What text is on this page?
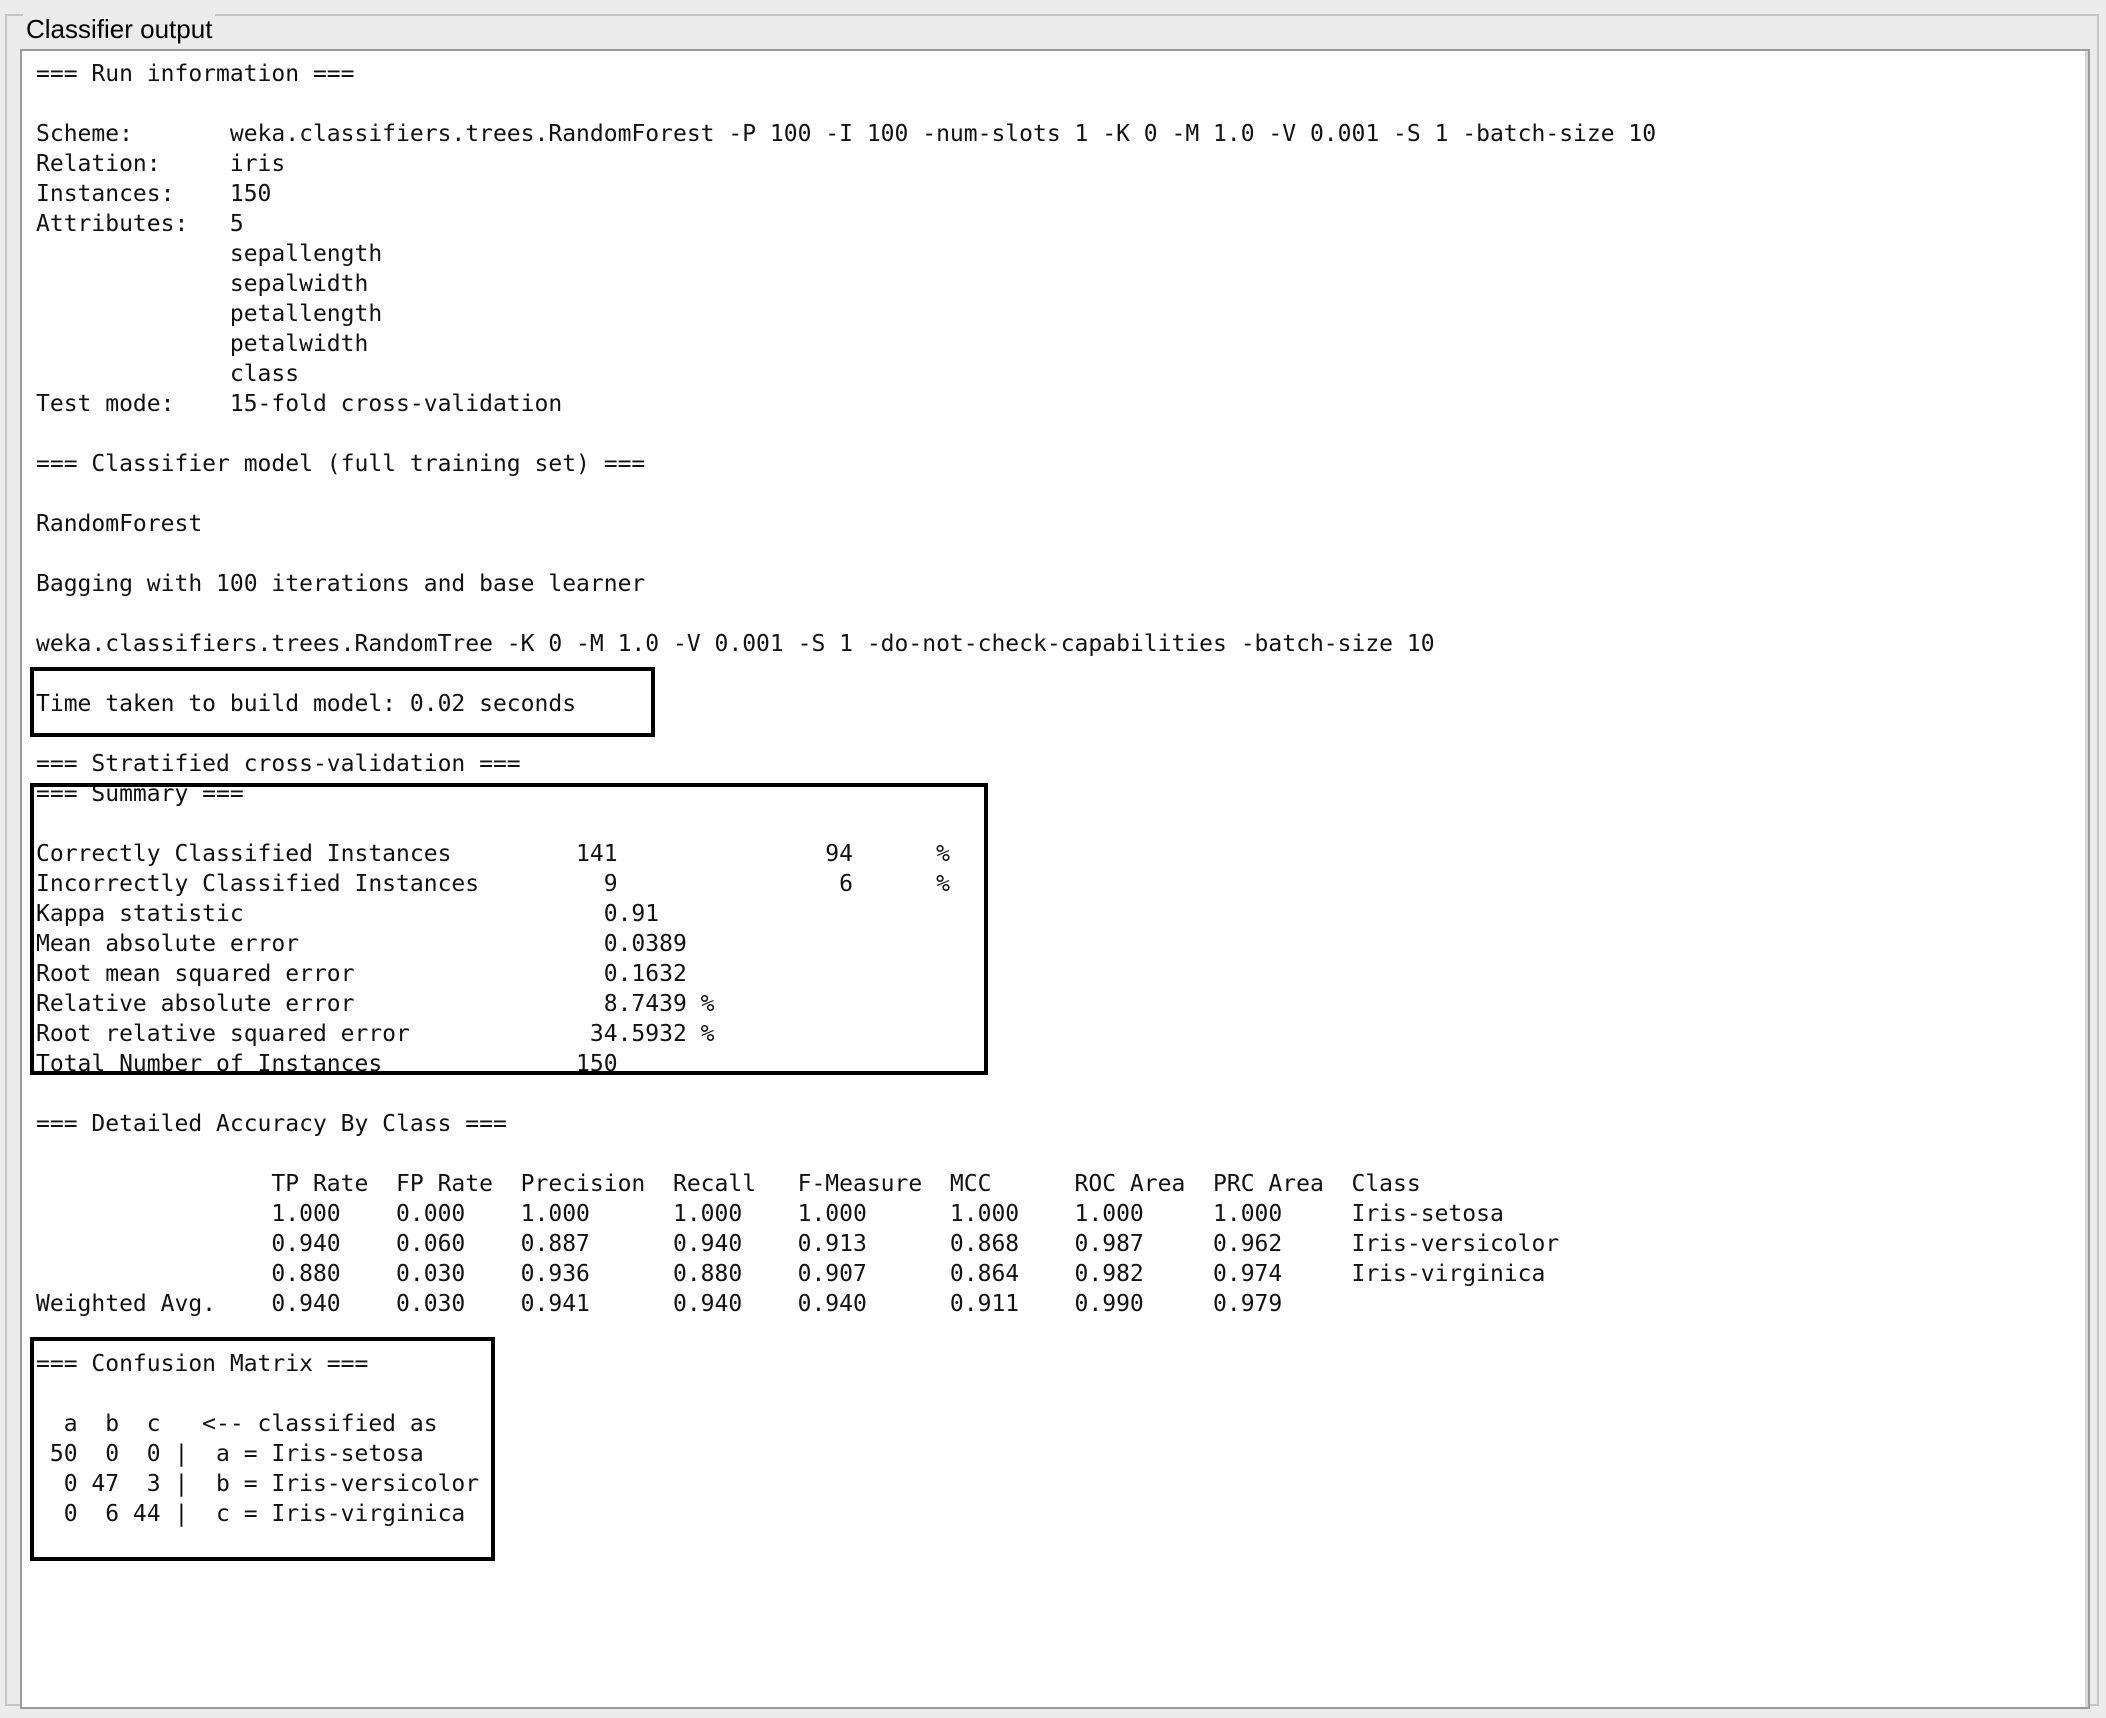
Classifier output
=== Run information ===

Scheme:       weka.classifiers.trees.RandomForest -P 100 -I 100 -num-slots 1 -K 0 -M 1.0 -V 0.001 -S 1 -batch-size 10
Relation:     iris
Instances:    150
Attributes:   5
sepallength
sepalwidth
petallength
petalwidth
class
Test mode:    15-fold cross-validation

=== Classifier model (full training set) ===

RandomForest

Bagging with 100 iterations and base learner

weka.classifiers.trees.RandomTree -K 0 -M 1.0 -V 0.001 -S 1 -do-not-check-capabilities -batch-size 10

Time taken to build model: 0.02 seconds

=== Stratified cross-validation ===
=== Summary ===

Correctly Classified Instances         141               94      %
Incorrectly Classified Instances         9                6      %
Kappa statistic                          0.91
Mean absolute error                      0.0389
Root mean squared error                  0.1632
Relative absolute error                  8.7439 %
Root relative squared error             34.5932 %
Total Number of Instances              150

=== Detailed Accuracy By Class ===

TP Rate  FP Rate  Precision  Recall   F-Measure  MCC      ROC Area  PRC Area  Class
1.000    0.000    1.000      1.000    1.000      1.000    1.000     1.000     Iris-setosa
0.940    0.060    0.887      0.940    0.913      0.868    0.987     0.962     Iris-versicolor
0.880    0.030    0.936      0.880    0.907      0.864    0.982     0.974     Iris-virginica
Weighted Avg.    0.940    0.030    0.941      0.940    0.940      0.911    0.990     0.979

=== Confusion Matrix ===

a  b  c   <-- classified as
50  0  0 |  a = Iris-setosa
0 47  3 |  b = Iris-versicolor
0  6 44 |  c = Iris-virginica
